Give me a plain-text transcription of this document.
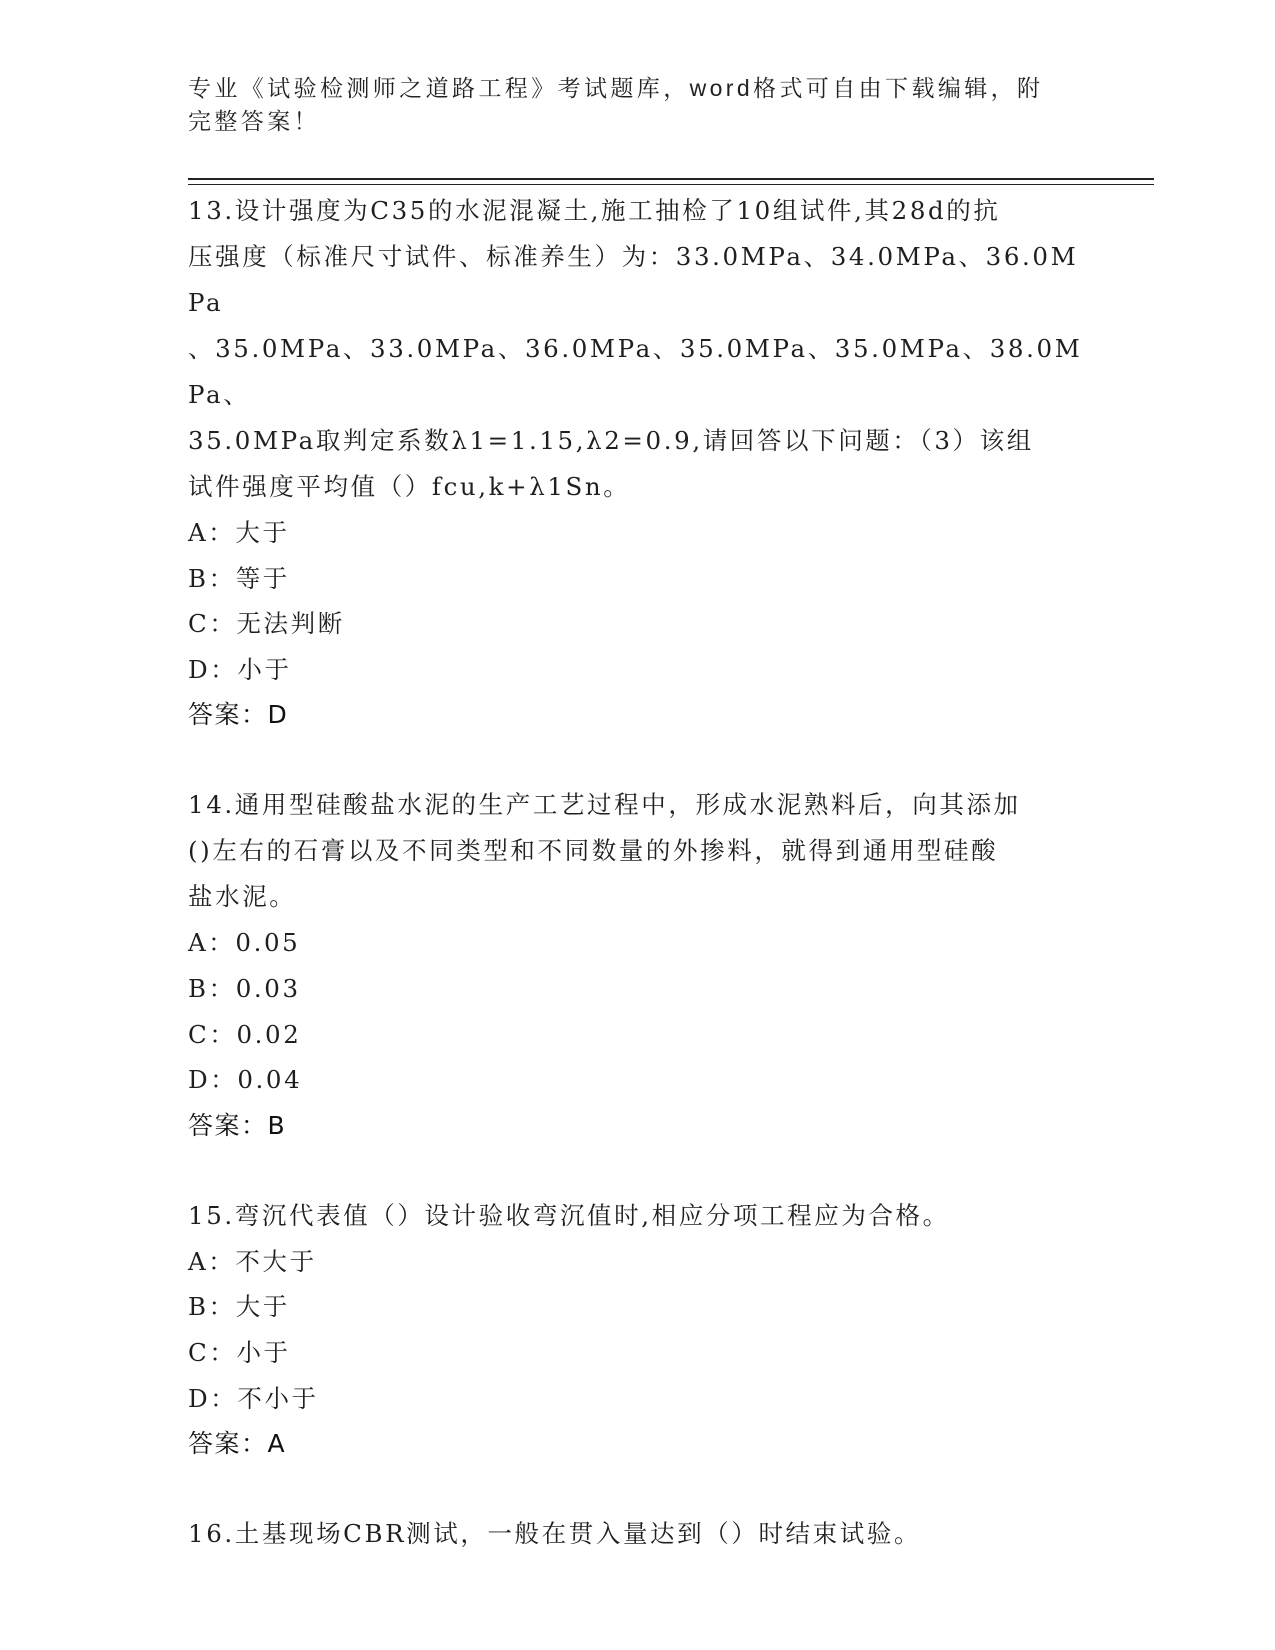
专业《试验检测师之道路工程》考试题库，word格式可自由下载编辑，附完整答案！
13.设计强度为C35的水泥混凝土,施工抽检了10组试件,其28d的抗
压强度（标准尺寸试件、标准养生）为：33.0MPa、34.0MPa、36.0MPa
、35.0MPa、33.0MPa、36.0MPa、35.0MPa、35.0MPa、38.0MPa、
35.0MPa取判定系数λ1=1.15,λ2=0.9,请回答以下问题：（3）该组
试件强度平均值（）fcu,k+λ1Sn。
A：大于
B：等于
C：无法判断
D：小于
答案：D
14.通用型硅酸盐水泥的生产工艺过程中，形成水泥熟料后，向其添加
()左右的石膏以及不同类型和不同数量的外掺料，就得到通用型硅酸
盐水泥。
A：0.05
B：0.03
C：0.02
D：0.04
答案：B
15.弯沉代表值（）设计验收弯沉值时,相应分项工程应为合格。
A：不大于
B：大于
C：小于
D：不小于
答案：A
16.土基现场CBR测试，一般在贯入量达到（）时结束试验。
